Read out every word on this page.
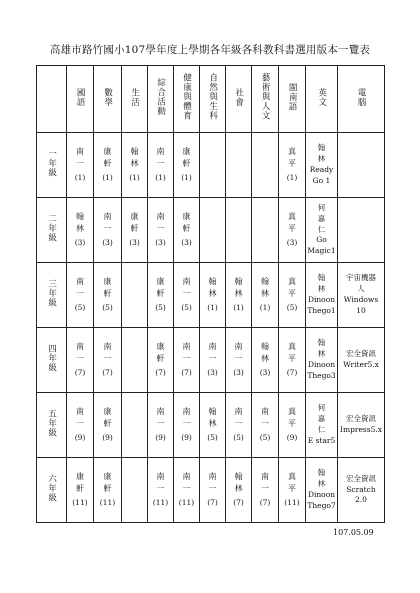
高雄市路竹國小107學年度上學期各年級各科教科書選用版本一覽表
	國語	數學	生活	綜合活動	健康與體育	自然與生科	社會	藝術與人文	閩南語	英文	電腦
一年級	南
一
(1)	康
軒
(1)	翰
林
(1)	南
一
(1)	康
軒
(1)				真
平
(1)	翰
林
Ready
Go 1	

二年級	翰
林
(3)	南
一
(3)	康
軒
(3)	南
一
(3)	康
軒
(3)				真
平
(3)	何
嘉
仁
Go
Magic1	

三年級	南
一
(5)	康
軒
(5)		康
軒
(5)	南
一
(5)	翰
林
(1)	翰
林
(1)	翰
林
(1)	真
平
(5)	翰
林
Dinoon
Thego1	宇宙機器
人
Windows
10

四年級	南
一
(7)	南
一
(7)		康
軒
(7)	南
一
(7)	南
一
(3)	南
一
(3)	翰
林
(3)	真
平
(7)	翰
林
Dinoon
Thego3	宏全資訊
Writer5.x

五年級	南
一
(9)	康
軒
(9)		南
一
(9)	南
一
(9)	翰
林
(5)	南
一
(5)	南
一
(5)	真
平
(9)	何
嘉
仁
E star5	宏全資訊
Impress5.x

六年級	康
軒
(11)	康
軒
(11)		南
一
(11)	南
一
(11)	南
一
(7)	翰
林
(7)	南
一
(7)	真
平
(11)	翰
林
Dinoon
Thego7	宏全資訊
Scratch
2.0
107.05.09
